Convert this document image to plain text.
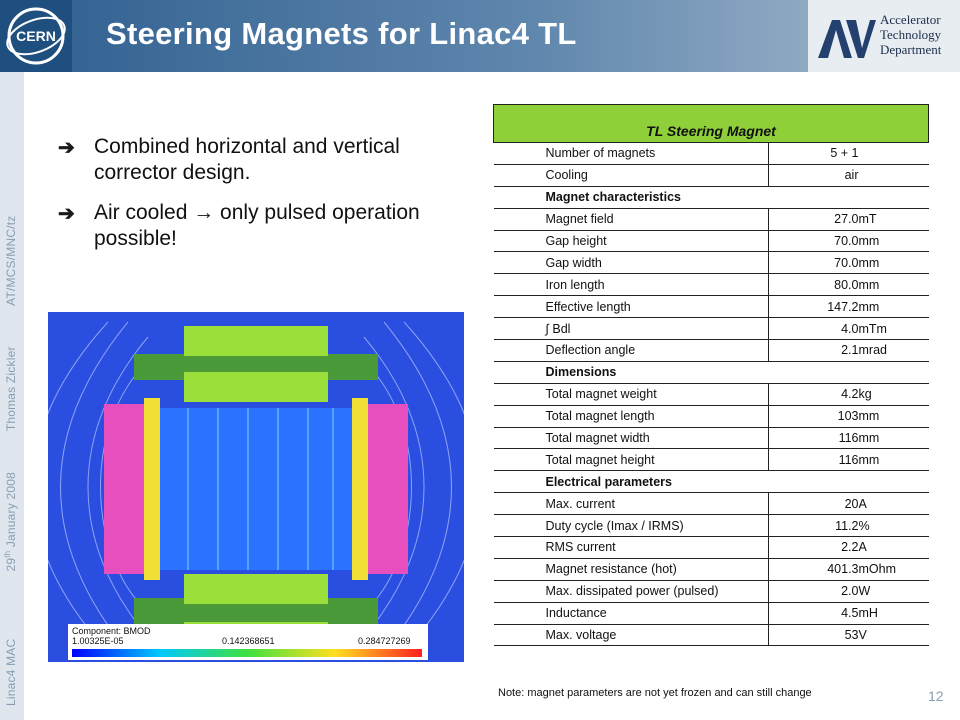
CERN Steering Magnets for Linac4 TL	Accelerator
Technology
Department
Linac4 MAC  29th January 2008  Thomas Zickler  AT/MCS/MNC/tz
➔ Combined horizontal and vertical corrector design.
➔ Air cooled → only pulsed operation possible!
Component: BMOD
1.00325E-05	0.142368651	0.284727269
TL Steering Magnet	
Number of magnets	5 + 1
Cooling	air
Magnet characteristics	
Magnet field	27.0mT
Gap height	70.0mm
Gap width	70.0mm
Iron length	80.0mm
Effective length	147.2mm
∫ Bdl	4.0mTm
Deflection angle	2.1mrad
Dimensions	
Total magnet weight	4.2kg
Total magnet length	103mm
Total magnet width	116mm
Total magnet height	116mm
Electrical parameters	
Max. current	20A
Duty cycle (Imax / IRMS)	11.2%
RMS current	2.2A
Magnet resistance (hot)	401.3mOhm
Max. dissipated power (pulsed)	2.0W
Inductance	4.5mH
Max. voltage	53V
Note: magnet parameters are not yet frozen and can still change	12
